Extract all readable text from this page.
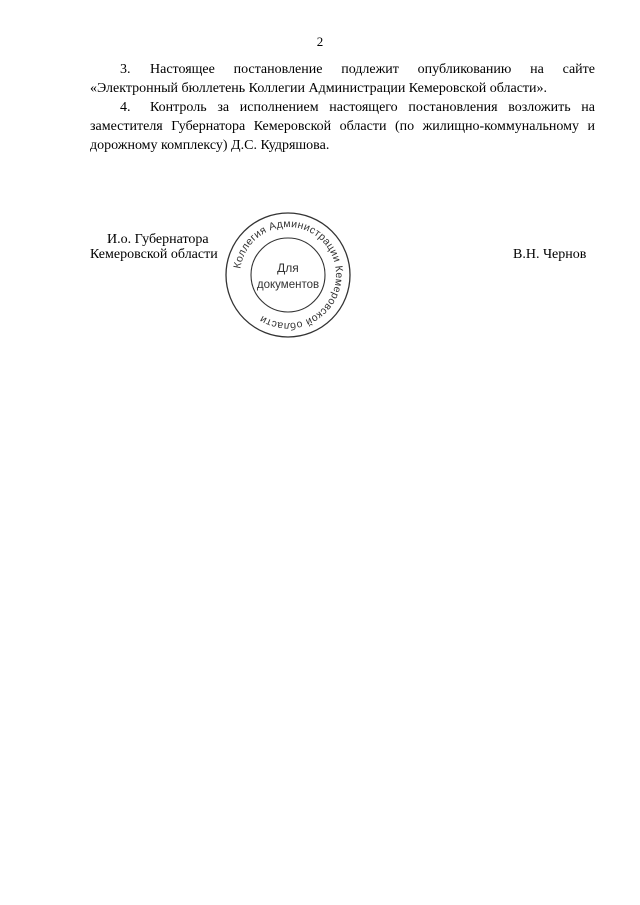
2

3. Настоящее постановление подлежит опубликованию на сайте «Электронный бюллетень Коллегии Администрации Кемеровской области».

4. Контроль за исполнением настоящего постановления возложить на заместителя Губернатора Кемеровской области (по жилищно-коммунальному и дорожному комплексу) Д.С. Кудряшова.

И.о. Губернатора
Кемеровской области	В.Н. Чернов
Коллегия Администрации Кемеровской области
Для
документов
